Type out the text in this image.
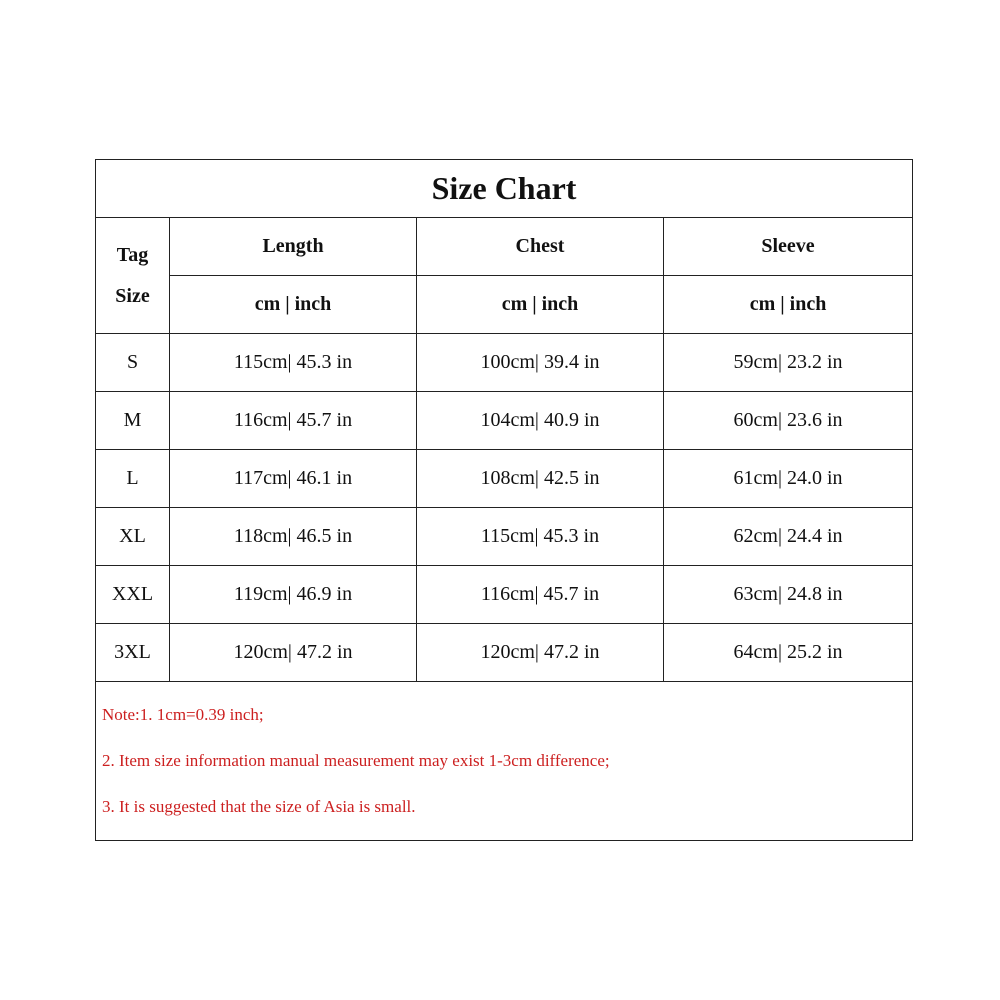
Size Chart			

Tag
Size	Length	Chest	Sleeve
	cm | inch	cm | inch	cm | inch
S	115cm| 45.3 in	100cm| 39.4 in	59cm| 23.2 in
M	116cm| 45.7 in	104cm| 40.9 in	60cm| 23.6 in
L	117cm| 46.1 in	108cm| 42.5 in	61cm| 24.0 in
XL	118cm| 46.5 in	115cm| 45.3 in	62cm| 24.4 in
XXL	119cm| 46.9 in	116cm| 45.7 in	63cm| 24.8 in
3XL	120cm| 47.2 in	120cm| 47.2 in	64cm| 25.2 in

Note:1. 1cm=0.39 inch;
2. Item size information manual measurement may exist 1-3cm difference;
3. It is suggested that the size of Asia is small.			
